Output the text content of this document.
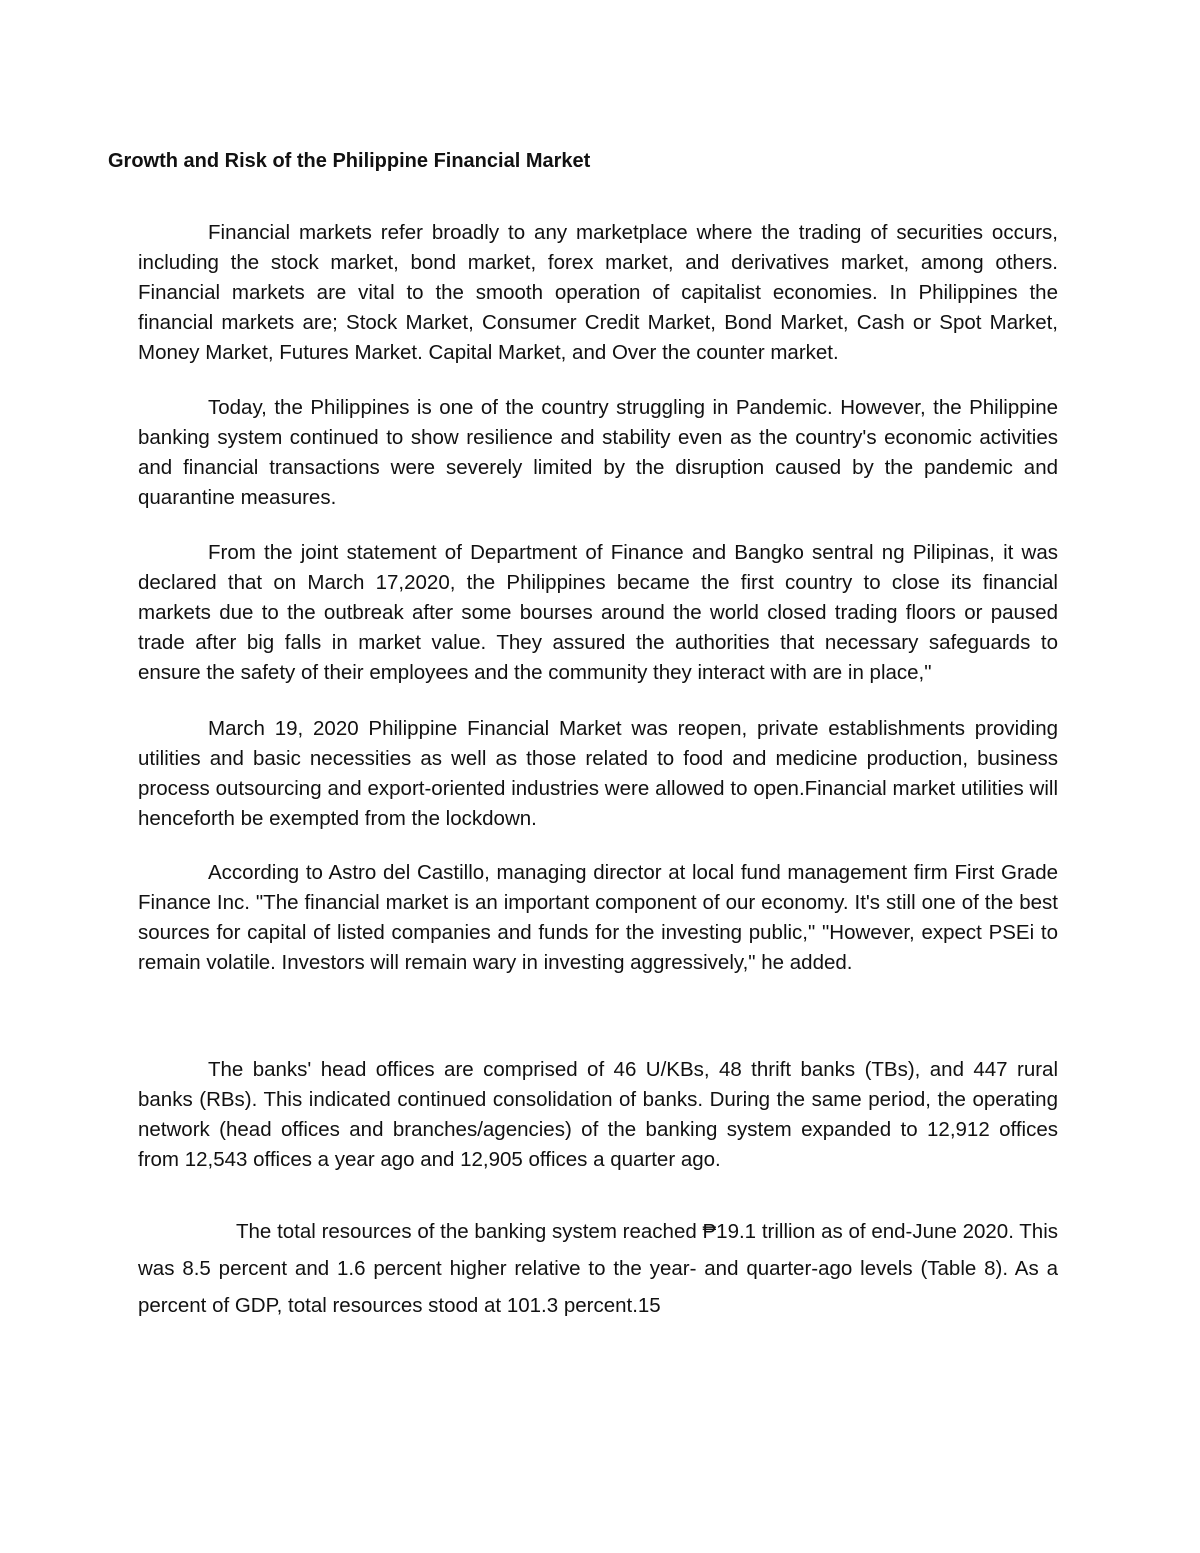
Growth and Risk of the Philippine Financial Market

Financial markets refer broadly to any marketplace where the trading of securities occurs, including the stock market, bond market, forex market, and derivatives market, among others. Financial markets are vital to the smooth operation of capitalist economies. In Philippines the financial markets are; Stock Market, Consumer Credit Market, Bond Market, Cash or Spot Market, Money Market, Futures Market. Capital Market, and Over the counter market.

Today, the Philippines is one of the country struggling in Pandemic. However, the Philippine banking system continued to show resilience and stability even as the country's economic activities and financial transactions were severely limited by the disruption caused by the pandemic and quarantine measures.

From the joint statement of Department of Finance and Bangko sentral ng Pilipinas, it was declared that on March 17,2020, the Philippines became the first country to close its financial markets due to the outbreak after some bourses around the world closed trading floors or paused trade after big falls in market value. They assured the authorities that necessary safeguards to ensure the safety of their employees and the community they interact with are in place,"

March 19, 2020 Philippine Financial Market was reopen, private establishments providing utilities and basic necessities as well as those related to food and medicine production, business process outsourcing and export-oriented industries were allowed to open.Financial market utilities will henceforth be exempted from the lockdown.

According to Astro del Castillo, managing director at local fund management firm First Grade Finance Inc. "The financial market is an important component of our economy. It's still one of the best sources for capital of listed companies and funds for the investing public," "However, expect PSEi to remain volatile. Investors will remain wary in investing aggressively," he added.

The banks' head offices are comprised of 46 U/KBs, 48 thrift banks (TBs), and 447 rural banks (RBs). This indicated continued consolidation of banks. During the same period, the operating network (head offices and branches/agencies) of the banking system expanded to 12,912 offices from 12,543 offices a year ago and 12,905 offices a quarter ago.

The total resources of the banking system reached ₱19.1 trillion as of end-June 2020. This was 8.5 percent and 1.6 percent higher relative to the year- and quarter-ago levels (Table 8). As a percent of GDP, total resources stood at 101.3 percent.15
